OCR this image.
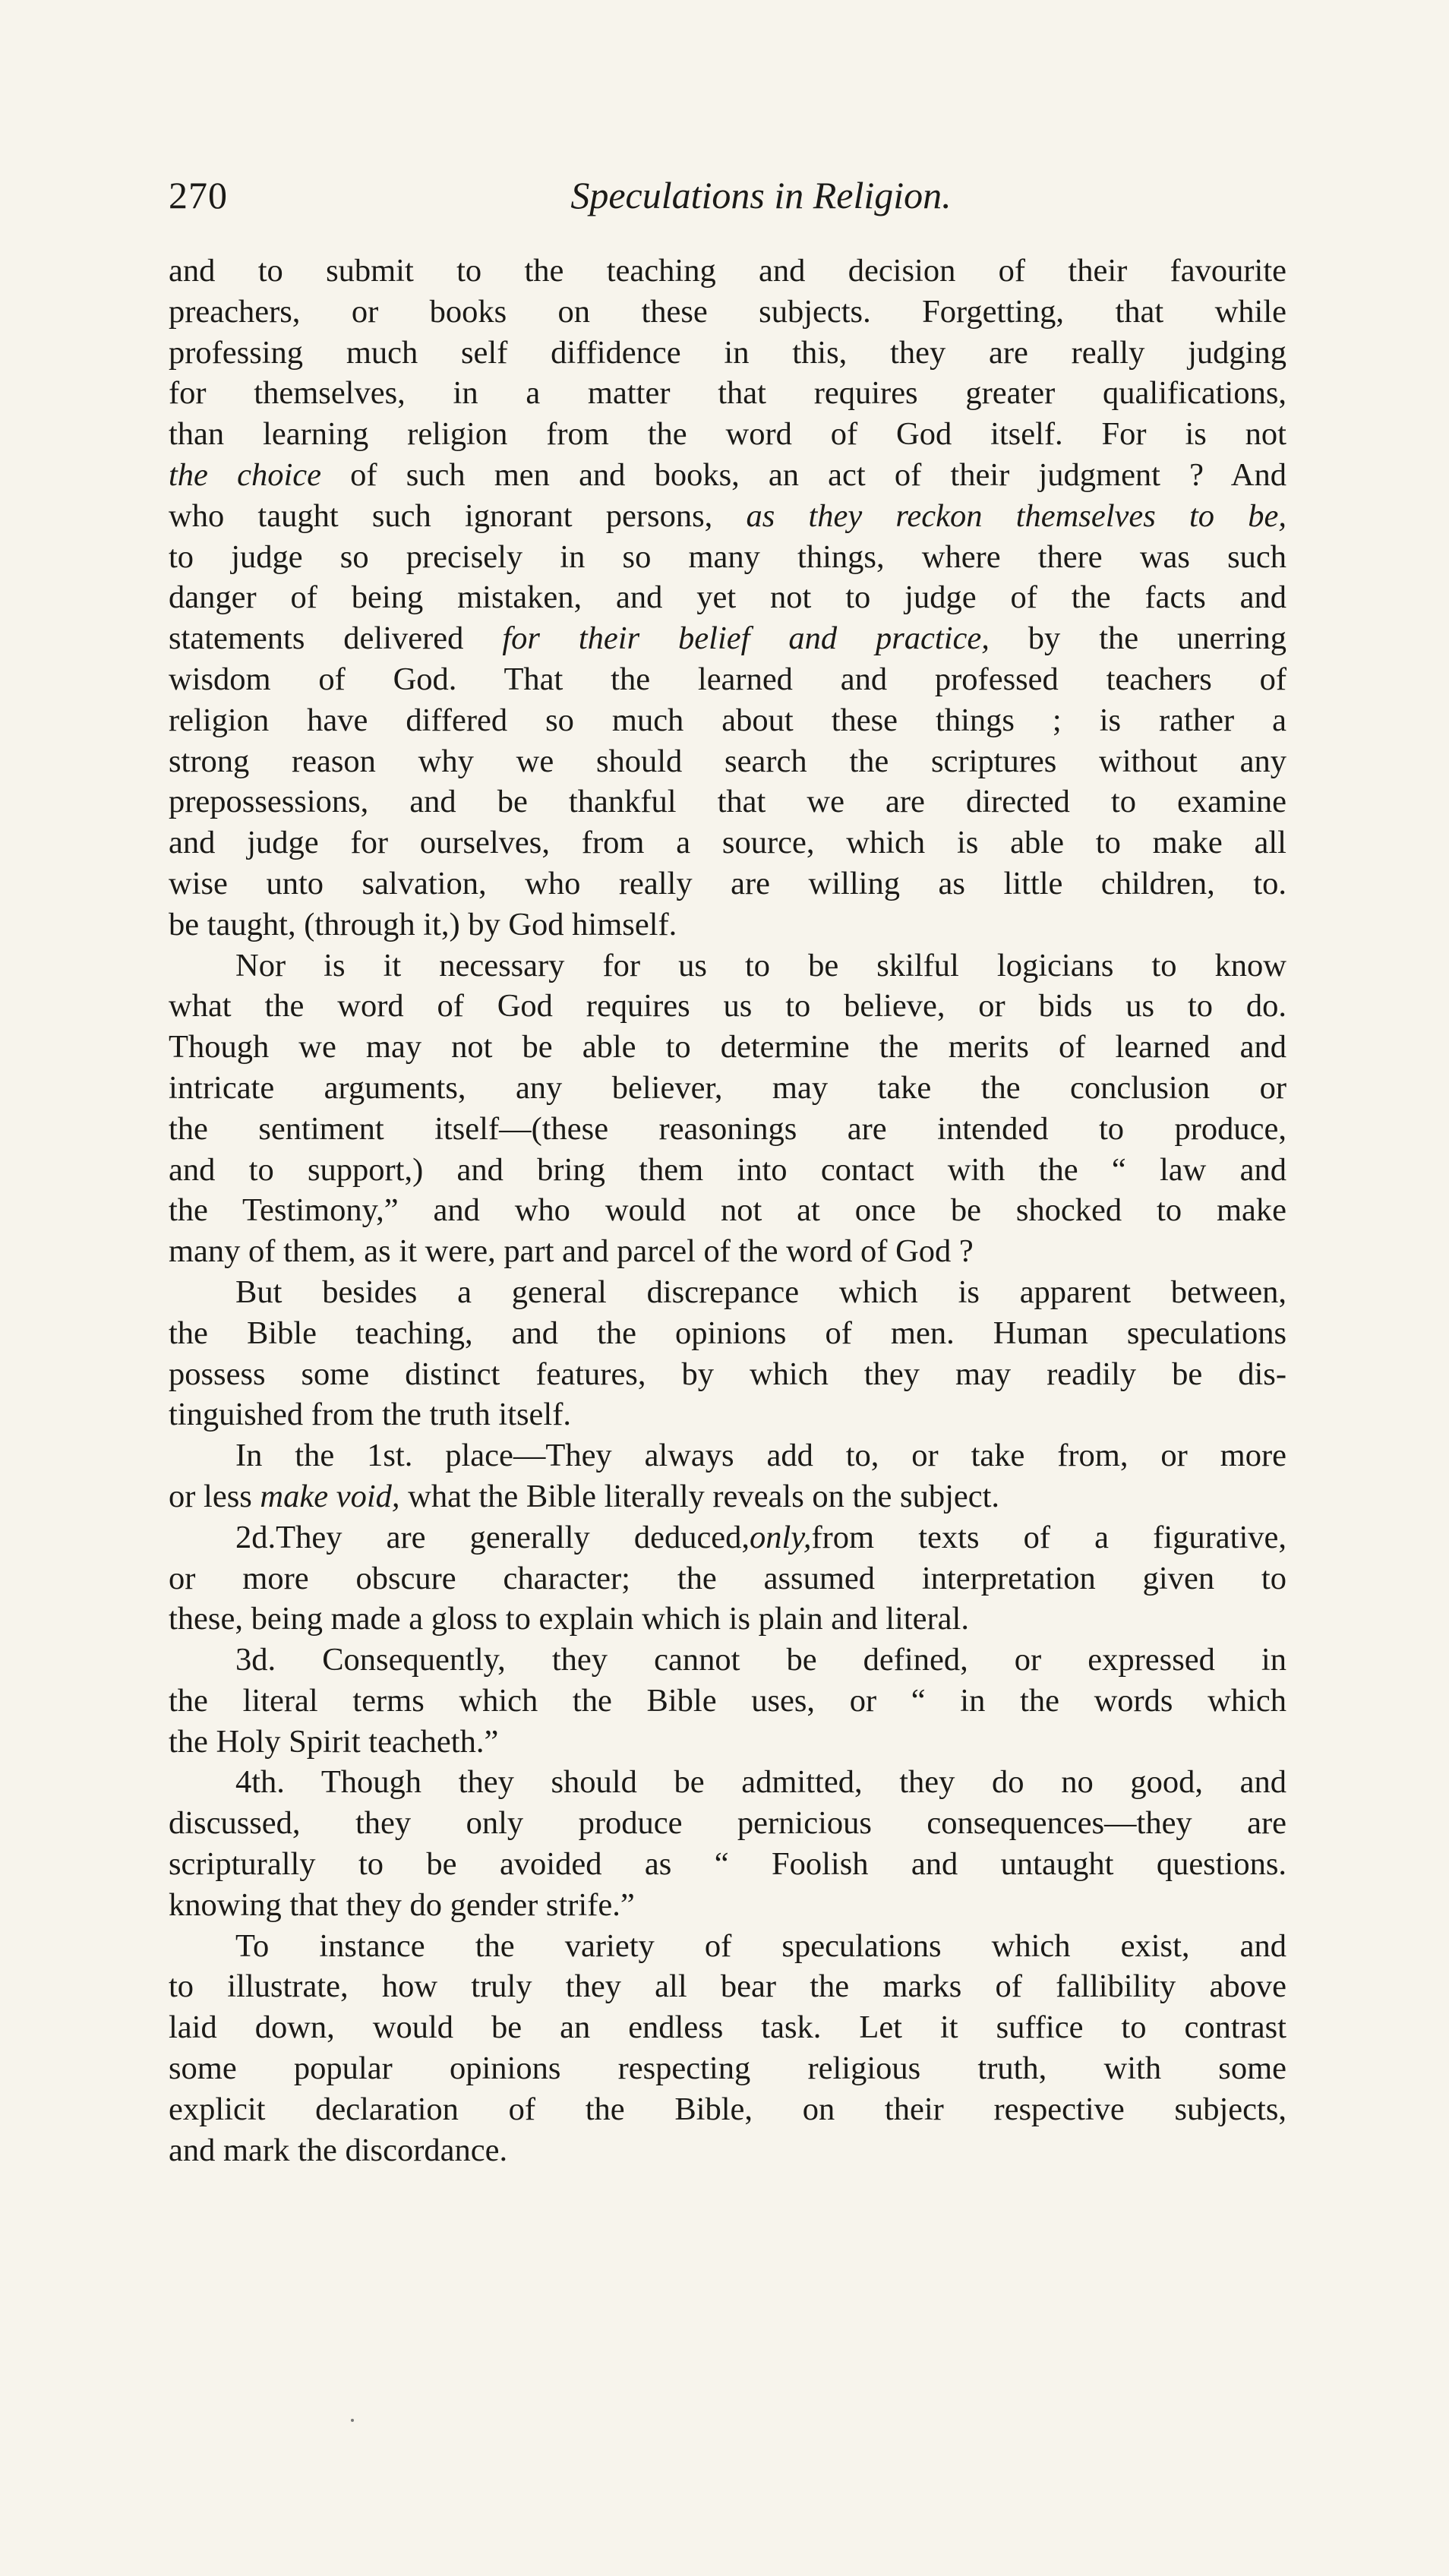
270	Speculations in Religion.
and to submit to the teaching and decision of their favourite
preachers, or books on these subjects. Forgetting, that while
professing much self diffidence in this, they are really judging
for themselves, in a matter that requires greater qualifications,
than learning religion from the word of God itself. For is not
the choice of such men and books, an act of their judgment ? And
who taught such ignorant persons, as they reckon themselves to be,
to judge so precisely in so many things, where there was such
danger of being mistaken, and yet not to judge of the facts and
statements delivered for their belief and practice, by the unerring
wisdom of God. That the learned and professed teachers of
religion have differed so much about these things ; is rather a
strong reason why we should search the scriptures without any
prepossessions, and be thankful that we are directed to examine
and judge for ourselves, from a source, which is able to make all
wise unto salvation, who really are willing as little children, to.
be taught, (through it,) by God himself.
Nor is it necessary for us to be skilful logicians to know
what the word of God requires us to believe, or bids us to do.
Though we may not be able to determine the merits of learned and
intricate arguments, any believer, may take the conclusion or
the sentiment itself—(these reasonings are intended to produce,
and to support,) and bring them into contact with the “ law and
the Testimony,” and who would not at once be shocked to make
many of them, as it were, part and parcel of the word of God ?
But besides a general discrepance which is apparent between,
the Bible teaching, and the opinions of men. Human speculations
possess some distinct features, by which they may readily be dis-
tinguished from the truth itself.
In the 1st. place—They always add to, or take from, or more
or less make void, what the Bible literally reveals on the subject.
2d.They are generally deduced,only,from texts of a figurative,
or more obscure character; the assumed interpretation given to
these, being made a gloss to explain which is plain and literal.
3d. Consequently, they cannot be defined, or expressed in
the literal terms which the Bible uses, or “ in the words which
the Holy Spirit teacheth.”
4th. Though they should be admitted, they do no good, and
discussed, they only produce pernicious consequences—they are
scripturally to be avoided as “ Foolish and untaught questions.
knowing that they do gender strife.”
To instance the variety of speculations which exist, and
to illustrate, how truly they all bear the marks of fallibility above
laid down, would be an endless task. Let it suffice to contrast
some popular opinions respecting religious truth, with some
explicit declaration of the Bible, on their respective subjects,
and mark the discordance.
